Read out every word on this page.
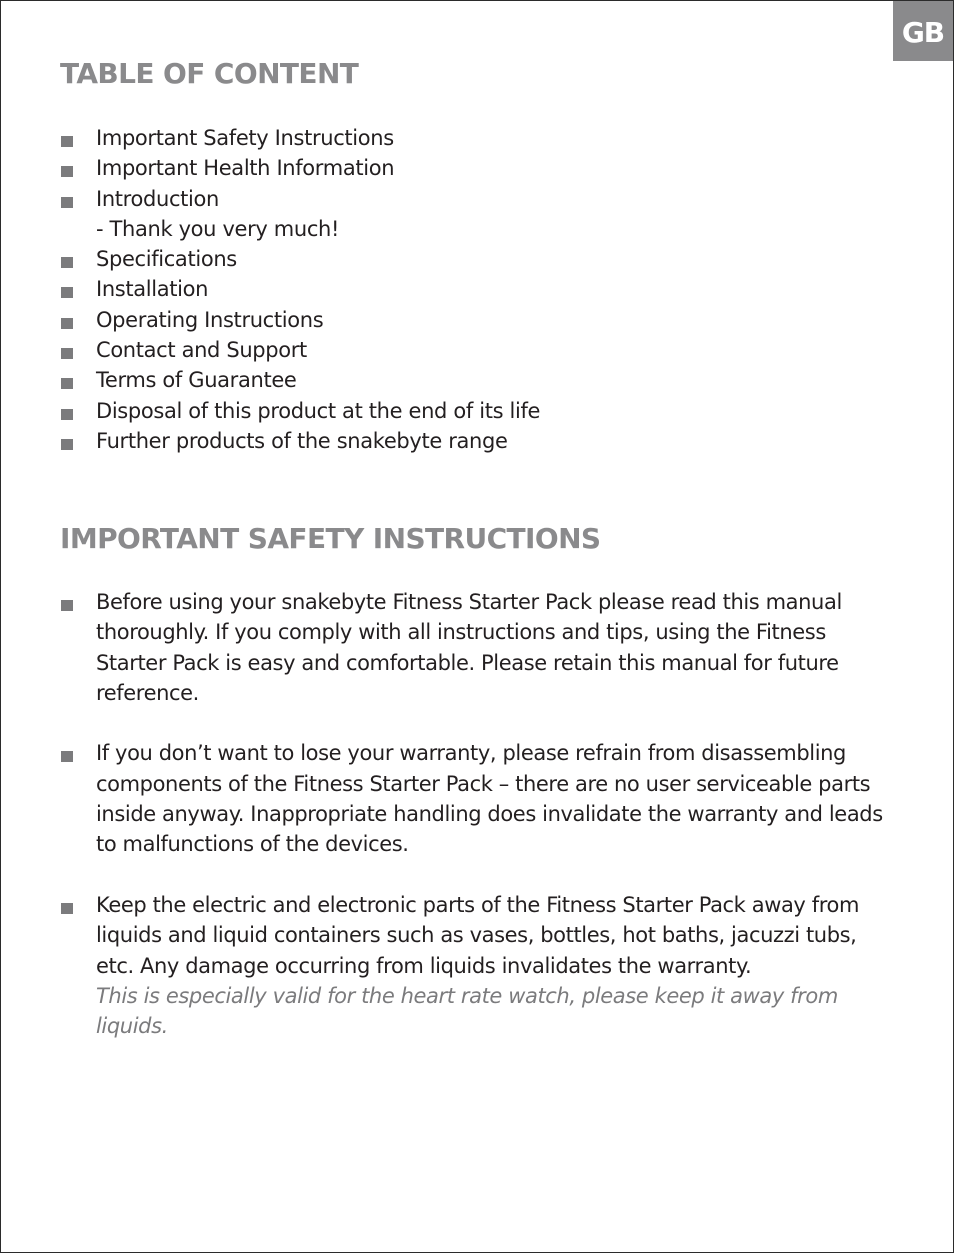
GB
TABLE OF CONTENT
Important Safety Instructions
Important Health Information
Introduction
- Thank you very much!
Specifications
Installation
Operating Instructions
Contact and Support
Terms of Guarantee
Disposal of this product at the end of its life
Further products of the snakebyte range
IMPORTANT SAFETY INSTRUCTIONS

Before using your snakebyte Fitness Starter Pack please read this manual thoroughly. If you comply with all instructions and tips, using the Fitness Starter Pack is easy and comfortable. Please retain this manual for future reference.

If you don’t want to lose your warranty, please refrain from disassembling components of the Fitness Starter Pack – there are no user serviceable parts inside anyway. Inappropriate handling does invalidate the warranty and leads to malfunctions of the devices.

Keep the electric and electronic parts of the Fitness Starter Pack away from liquids and liquid containers such as vases, bottles, hot baths, jacuzzi tubs, etc. Any damage occurring from liquids invalidates the warranty.

This is especially valid for the heart rate watch, please keep it away from liquids.
